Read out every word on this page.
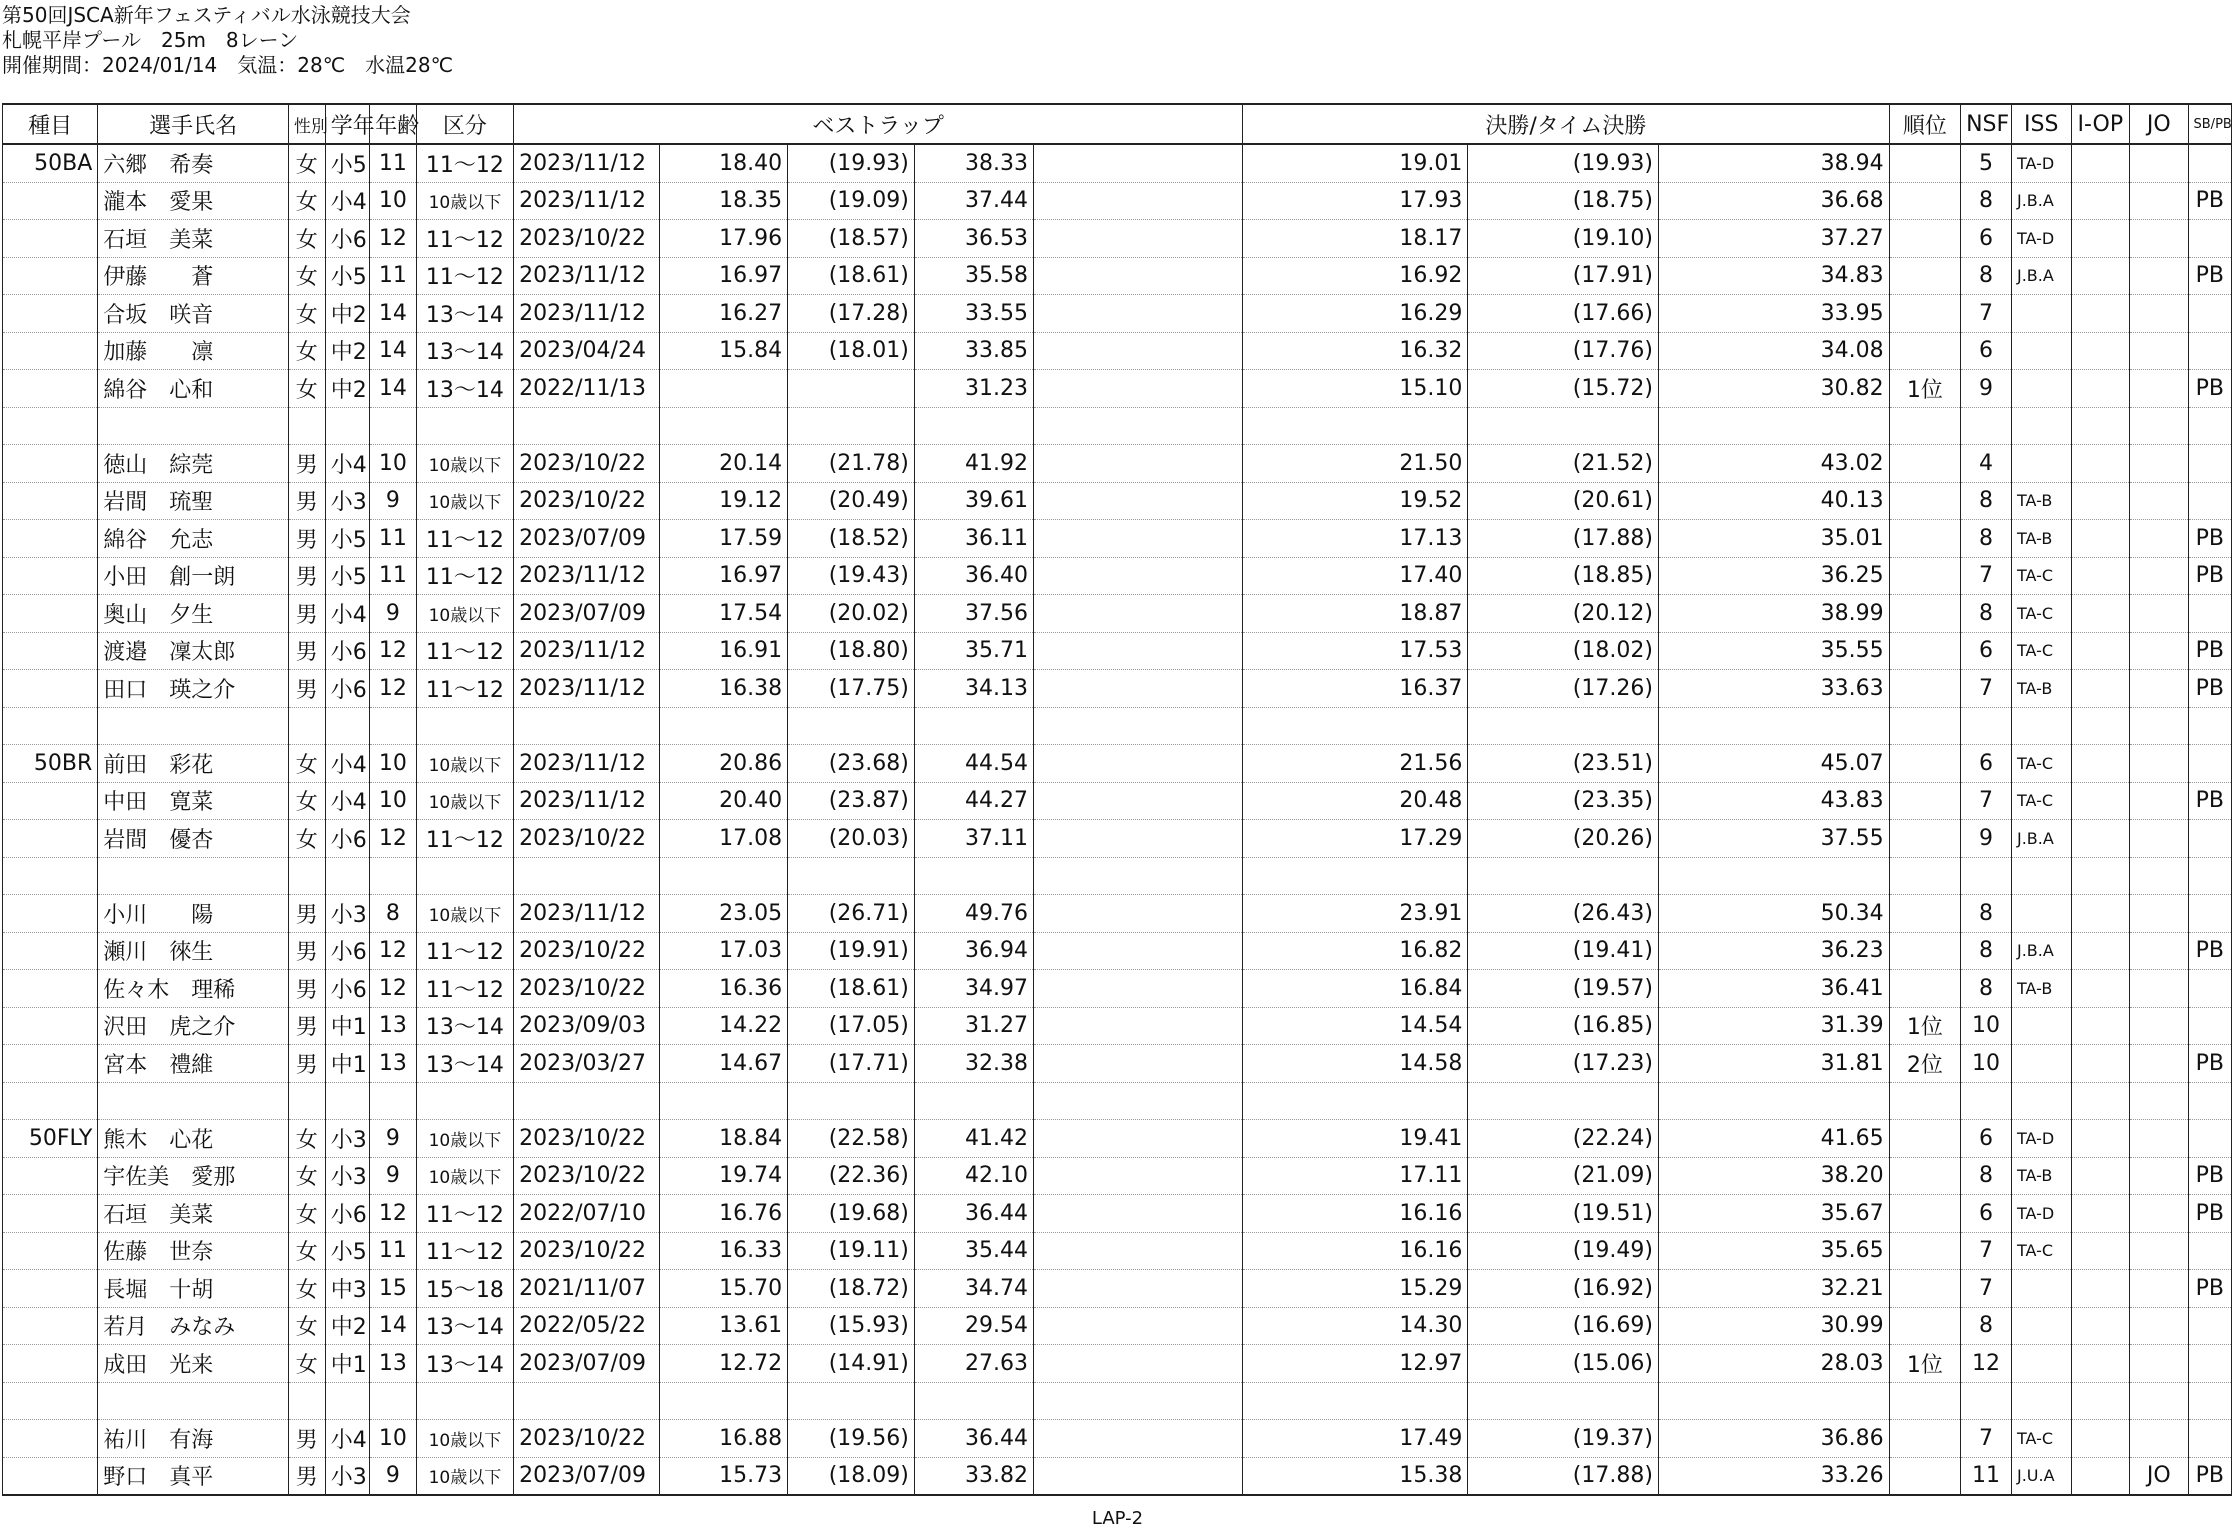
第50回JSCA新年フェスティバル水泳競技大会
札幌平岸プール　25m　8レーン
開催期間：2024/01/14　気温：28℃　水温28℃
種目	選手氏名	性別	学年	年齢	区分	ベストラップ					決勝/タイム決勝			順位	NSF	ISS	I-OP	JO	SB/PB
50BA	六郷　希奏	女	小5	11	11～12	2023/11/12	18.40	(19.93)	38.33		19.01	(19.93)	38.94		5	TA-D			
	瀧本　愛果	女	小4	10	10歳以下	2023/11/12	18.35	(19.09)	37.44		17.93	(18.75)	36.68		8	J.B.A			PB
	石垣　美菜	女	小6	12	11～12	2023/10/22	17.96	(18.57)	36.53		18.17	(19.10)	37.27		6	TA-D			
	伊藤　　蒼	女	小5	11	11～12	2023/11/12	16.97	(18.61)	35.58		16.92	(17.91)	34.83		8	J.B.A			PB
	合坂　咲音	女	中2	14	13～14	2023/11/12	16.27	(17.28)	33.55		16.29	(17.66)	33.95		7				
	加藤　　凛	女	中2	14	13～14	2023/04/24	15.84	(18.01)	33.85		16.32	(17.76)	34.08		6				
	綿谷　心和	女	中2	14	13～14	2022/11/13			31.23		15.10	(15.72)	30.82	1位	9				PB

	徳山　綜莞	男	小4	10	10歳以下	2023/10/22	20.14	(21.78)	41.92		21.50	(21.52)	43.02		4				
	岩間　琉聖	男	小3	9	10歳以下	2023/10/22	19.12	(20.49)	39.61		19.52	(20.61)	40.13		8	TA-B			
	綿谷　允志	男	小5	11	11～12	2023/07/09	17.59	(18.52)	36.11		17.13	(17.88)	35.01		8	TA-B			PB
	小田　創一朗	男	小5	11	11～12	2023/11/12	16.97	(19.43)	36.40		17.40	(18.85)	36.25		7	TA-C			PB
	奥山　夕生	男	小4	9	10歳以下	2023/07/09	17.54	(20.02)	37.56		18.87	(20.12)	38.99		8	TA-C			
	渡邉　凜太郎	男	小6	12	11～12	2023/11/12	16.91	(18.80)	35.71		17.53	(18.02)	35.55		6	TA-C			PB
	田口　瑛之介	男	小6	12	11～12	2023/11/12	16.38	(17.75)	34.13		16.37	(17.26)	33.63		7	TA-B			PB

50BR	前田　彩花	女	小4	10	10歳以下	2023/11/12	20.86	(23.68)	44.54		21.56	(23.51)	45.07		6	TA-C			
	中田　寛菜	女	小4	10	10歳以下	2023/11/12	20.40	(23.87)	44.27		20.48	(23.35)	43.83		7	TA-C			PB
	岩間　優杏	女	小6	12	11～12	2023/10/22	17.08	(20.03)	37.11		17.29	(20.26)	37.55		9	J.B.A			

	小川　　陽	男	小3	8	10歳以下	2023/11/12	23.05	(26.71)	49.76		23.91	(26.43)	50.34		8				
	瀬川　徠生	男	小6	12	11～12	2023/10/22	17.03	(19.91)	36.94		16.82	(19.41)	36.23		8	J.B.A			PB
	佐々木　理稀	男	小6	12	11～12	2023/10/22	16.36	(18.61)	34.97		16.84	(19.57)	36.41		8	TA-B			
	沢田　虎之介	男	中1	13	13～14	2023/09/03	14.22	(17.05)	31.27		14.54	(16.85)	31.39	1位	10				
	宮本　禮維	男	中1	13	13～14	2023/03/27	14.67	(17.71)	32.38		14.58	(17.23)	31.81	2位	10				PB

50FLY	熊木　心花	女	小3	9	10歳以下	2023/10/22	18.84	(22.58)	41.42		19.41	(22.24)	41.65		6	TA-D			
	宇佐美　愛那	女	小3	9	10歳以下	2023/10/22	19.74	(22.36)	42.10		17.11	(21.09)	38.20		8	TA-B			PB
	石垣　美菜	女	小6	12	11～12	2022/07/10	16.76	(19.68)	36.44		16.16	(19.51)	35.67		6	TA-D			PB
	佐藤　世奈	女	小5	11	11～12	2023/10/22	16.33	(19.11)	35.44		16.16	(19.49)	35.65		7	TA-C			
	長堀　十胡	女	中3	15	15～18	2021/11/07	15.70	(18.72)	34.74		15.29	(16.92)	32.21		7				PB
	若月　みなみ	女	中2	14	13～14	2022/05/22	13.61	(15.93)	29.54		14.30	(16.69)	30.99		8				
	成田　光来	女	中1	13	13～14	2023/07/09	12.72	(14.91)	27.63		12.97	(15.06)	28.03	1位	12				

	祐川　有海	男	小4	10	10歳以下	2023/10/22	16.88	(19.56)	36.44		17.49	(19.37)	36.86		7	TA-C			
	野口　真平	男	小3	9	10歳以下	2023/07/09	15.73	(18.09)	33.82		15.38	(17.88)	33.26		11	J.U.A		JO	PB
LAP-2
